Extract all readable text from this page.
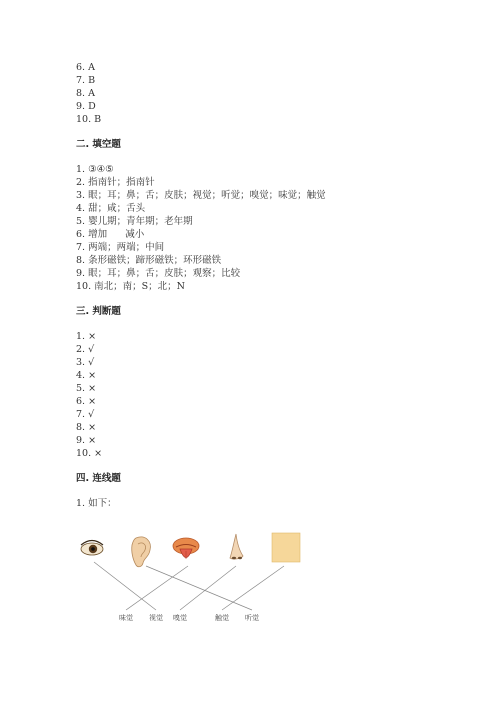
6. A
7. B
8. A
9. D
10. B
二. 填空题
1. ③④⑤
2. 指南针；指南针
3. 眼；耳；鼻；舌；皮肤；视觉；听觉；嗅觉；味觉；触觉
4. 甜；咸；舌头
5. 婴儿期；青年期；老年期
6. 增加      减小
7. 两端；两端；中间
8. 条形磁铁；蹄形磁铁；环形磁铁
9. 眼；耳；鼻；舌；皮肤；观察；比较
10. 南北；南；S；北；N
三. 判断题
1. ×
2. √
3. √
4. ×
5. ×
6. ×
7. √
8. ×
9. ×
10. ×
四. 连线题
1. 如下：
味觉 视觉 嗅觉	触觉 听觉
